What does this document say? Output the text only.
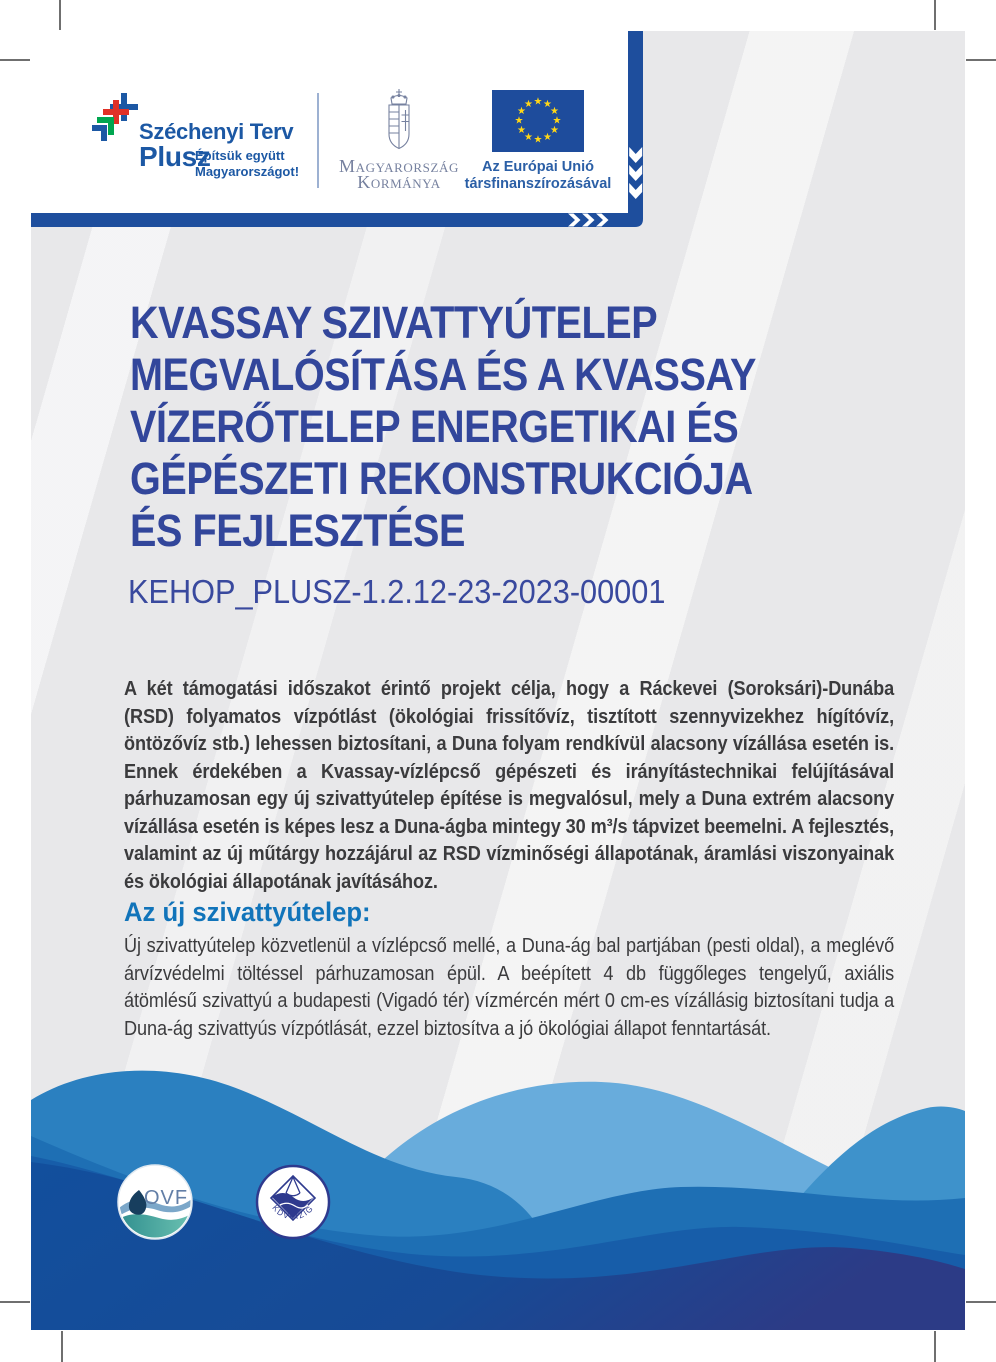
Széchenyi Terv
Plusz
Építsük együtt
Magyarországot!	Magyarország
Kormánya
★ ★
★
★
★
★
★
★
★
★
★
★
Az Európai Unió
társfinanszírozásával
KVASSAY SZIVATTYÚTELEP
MEGVALÓSÍTÁSA ÉS A KVASSAY
VÍZERŐTELEP ENERGETIKAI ÉS
GÉPÉSZETI REKONSTRUKCIÓJA
ÉS FEJLESZTÉSE
KEHOP_PLUSZ-1.2.12-23-2023-00001
A két támogatási időszakot érintő projekt célja, hogy a Ráckevei (Soroksári)-Dunába (RSD) folyamatos vízpótlást (ökológiai frissítővíz, tisztított szennyvizekhez hígítóvíz, öntözővíz stb.) lehessen biztosítani, a Duna folyam rendkívül alacsony vízállása esetén is. Ennek érdekében a Kvassay-vízlépcső gépészeti és irányítástechnikai felújításával párhuzamosan egy új szivattyútelep építése is megvalósul, mely a Duna extrém alacsony vízállása esetén is képes lesz a Duna-ágba mintegy 30 m³/s tápvizet beemelni. A fejlesztés, valamint az új műtárgy hozzájárul az RSD vízminőségi állapotának, áramlási viszonyainak és ökológiai állapotának javításához.
Az új szivattyútelep:
Új szivattyútelep közvetlenül a vízlépcső mellé, a Duna-ág bal partjában (pesti oldal), a meglévő árvízvédelmi töltéssel párhuzamosan épül. A beépített 4 db függőleges tengelyű, axiális átömlésű szivattyú a budapesti (Vigadó tér) vízmércén mért 0 cm-es vízállásig biztosítani tudja a Duna-ág szivattyús vízpótlását, ezzel biztosítva a jó ökológiai állapot fenntartását.
OVF	KDVVIZIG
